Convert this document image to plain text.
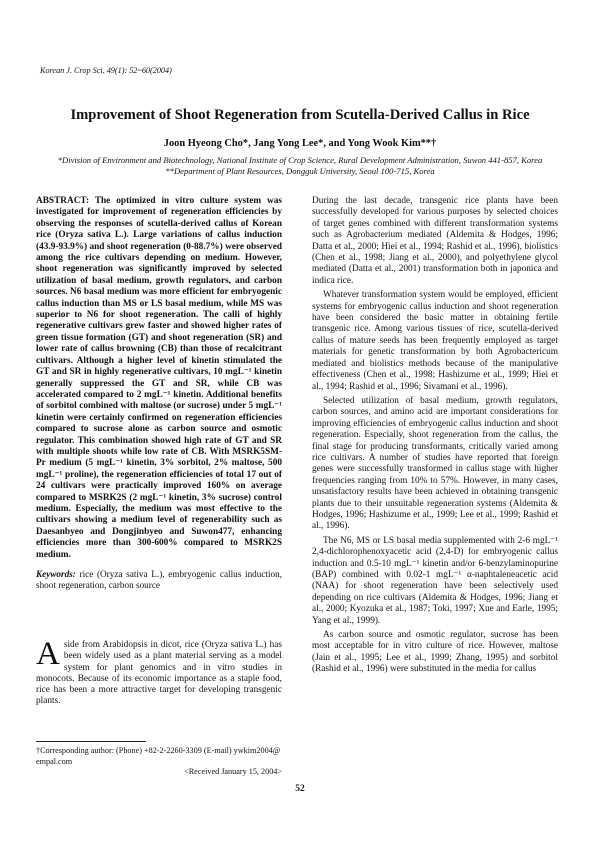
Korean J. Crop Sci. 49(1): 52~60(2004)
Improvement of Shoot Regeneration from Scutella-Derived Callus in Rice
Joon Hyeong Cho*, Jang Yong Lee*, and Yong Wook Kim**†
*Division of Environment and Biotechnology, National Institute of Crop Science, Rural Development Administration, Suwon 441-857, Korea
**Department of Plant Resources, Dongguk University, Seoul 100-715, Korea

ABSTRACT: The optimized in vitro culture system was investigated for improvement of regeneration efficiencies by observing the responses of scutella-derived callus of Korean rice (Oryza sativa L.). Large variations of callus induction (43.9-93.9%) and shoot regeneration (0-88.7%) were observed among the rice cultivars depending on medium. However, shoot regeneration was significantly improved by selected utilization of basal medium, growth regulators, and carbon sources. N6 basal medium was more efficient for embryogenic callus induction than MS or LS basal medium, while MS was superior to N6 for shoot regeneration. The calli of highly regenerative cultivars grew faster and showed higher rates of green tissue formation (GT) and shoot regeneration (SR) and lower rate of callus browning (CB) than those of recalcitrant cultivars. Although a higher level of kinetin stimulated the GT and SR in highly regenerative cultivars, 10 mgL⁻¹ kinetin generally suppressed the GT and SR, while CB was accelerated compared to 2 mgL⁻¹ kinetin. Additional benefits of sorbitol combined with maltose (or sucrose) under 5 mgL⁻¹ kinetin were certainly confirmed on regeneration efficiencies compared to sucrose alone as carbon source and osmotic regulator. This combination showed high rate of GT and SR with multiple shoots while low rate of CB. With MSRK5SM-Pr medium (5 mgL⁻¹ kinetin, 3% sorbitol, 2% maltose, 500 mgL⁻¹ proline), the regeneration efficiencies of total 17 out of 24 cultivars were practically improved 160% on average compared to MSRK2S (2 mgL⁻¹ kinetin, 3% sucrose) control medium. Especially, the medium was most effective to the cultivars showing a medium level of regenerability such as Daesanbyeo and Dongjinbyeo and Suwon477, enhancing efficiencies more than 300-600% compared to MSRK2S medium.

Keywords: rice (Oryza sativa L.), embryogenic callus induction, shoot regeneration, carbon source
A side from Arabidopsis in dicot, rice (Oryza sativa L.) has been widely used as a plant material serving as a model system for plant genomics and in vitro studies in monocots. Because of its economic importance as a staple food, rice has been a more attractive target for developing transgenic plants.
†Corresponding author: (Phone) +82-2-2260-3309 (E-mail) ywkim2004@ empal.com
<Received January 15, 2004>

During the last decade, transgenic rice plants have been successfully developed for various purposes by selected choices of target genes combined with different transformation systems such as Agrobacterium mediated (Aldemita & Hodges, 1996; Datta et al., 2000; Hiei et al., 1994; Rashid et al., 1996), biolistics (Chen et al., 1998; Jiang et al., 2000), and polyethylene glycol mediated (Datta et al., 2001) transformation both in japonica and indica rice.

Whatever transformation system would be employed, efficient systems for embryogenic callus induction and shoot regeneration have been considered the basic matter in obtaining fertile transgenic rice. Among various tissues of rice, scutella-derived callus of mature seeds has been frequently employed as target materials for genetic transformation by both Agrobactericum mediated and biolistics methods because of the manipulative effectiveness (Chen et al., 1998; Hashizume et al., 1999; Hiei et al., 1994; Rashid et al., 1996; Sivamani et al., 1996).

Selected utilization of basal medium, growth regulators, carbon sources, and amino acid are important considerations for improving efficiencies of embryogenic callus induction and shoot regeneration. Especially, shoot regeneration from the callus, the final stage for producing transformants, critically varied among rice cultivars. A number of studies have reported that foreign genes were successfully transformed in callus stage with higher frequencies ranging from 10% to 57%. However, in many cases, unsatisfactory results have been achieved in obtaining transgenic plants due to their unsuitable regeneration systems (Aldemita & Hodges, 1996; Hashizume et al., 1999; Lee et al., 1999; Rashid et al., 1996).

The N6, MS or LS basal media supplemented with 2-6 mgL⁻¹ 2,4-dichlorophenoxyacetic acid (2,4-D) for embryogenic callus induction and 0.5-10 mgL⁻¹ kinetin and/or 6-benzylaminopurine (BAP) combined with 0.02-1 mgL⁻¹ α-naphtaleneacetic acid (NAA) for shoot regeneration have been selectively used depending on rice cultivars (Aldemita & Hodges, 1996; Jiang et al., 2000; Kyozuka et al., 1987; Toki, 1997; Xue and Earle, 1995; Yang et al., 1999).

As carbon source and osmotic regulator, sucrose has been most acceptable for in vitro culture of rice. However, maltose (Jain et al., 1995; Lee et al., 1999; Zhang, 1995) and sorbitol (Rashid et al., 1996) were substituted in the media for callus

52
